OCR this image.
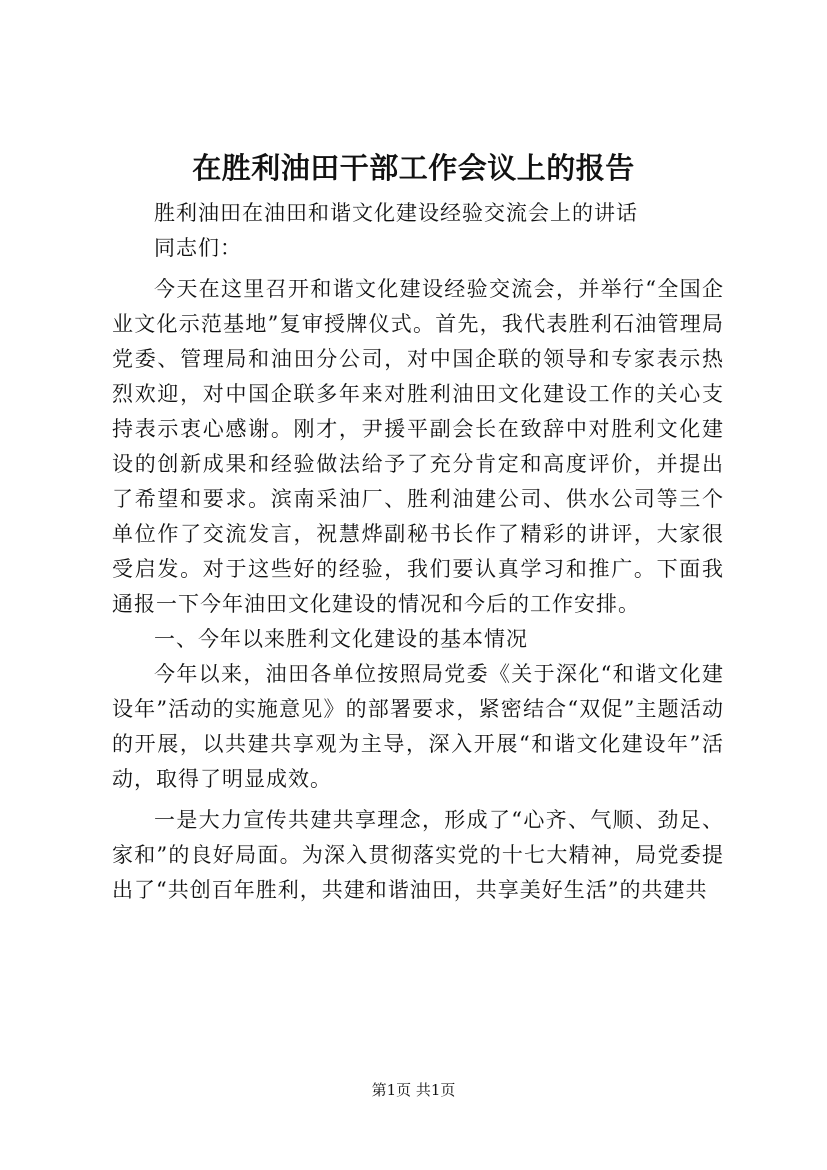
在胜利油田干部工作会议上的报告

胜利油田在油田和谐文化建设经验交流会上的讲话

同志们：

今天在这里召开和谐文化建设经验交流会，并举行“全国企业文化示范基地”复审授牌仪式。首先，我代表胜利石油管理局党委、管理局和油田分公司，对中国企联的领导和专家表示热烈欢迎，对中国企联多年来对胜利油田文化建设工作的关心支持表示衷心感谢。刚才，尹援平副会长在致辞中对胜利文化建设的创新成果和经验做法给予了充分肯定和高度评价，并提出了希望和要求。滨南采油厂、胜利油建公司、供水公司等三个单位作了交流发言，祝慧烨副秘书长作了精彩的讲评，大家很受启发。对于这些好的经验，我们要认真学习和推广。下面我通报一下今年油田文化建设的情况和今后的工作安排。

一、今年以来胜利文化建设的基本情况

今年以来，油田各单位按照局党委《关于深化“和谐文化建设年”活动的实施意见》的部署要求，紧密结合“双促”主题活动的开展，以共建共享观为主导，深入开展“和谐文化建设年”活动，取得了明显成效。

一是大力宣传共建共享理念，形成了“心齐、气顺、劲足、家和”的良好局面。为深入贯彻落实党的十七大精神，局党委提出了“共创百年胜利，共建和谐油田，共享美好生活”的共建共

第1页 共1页
